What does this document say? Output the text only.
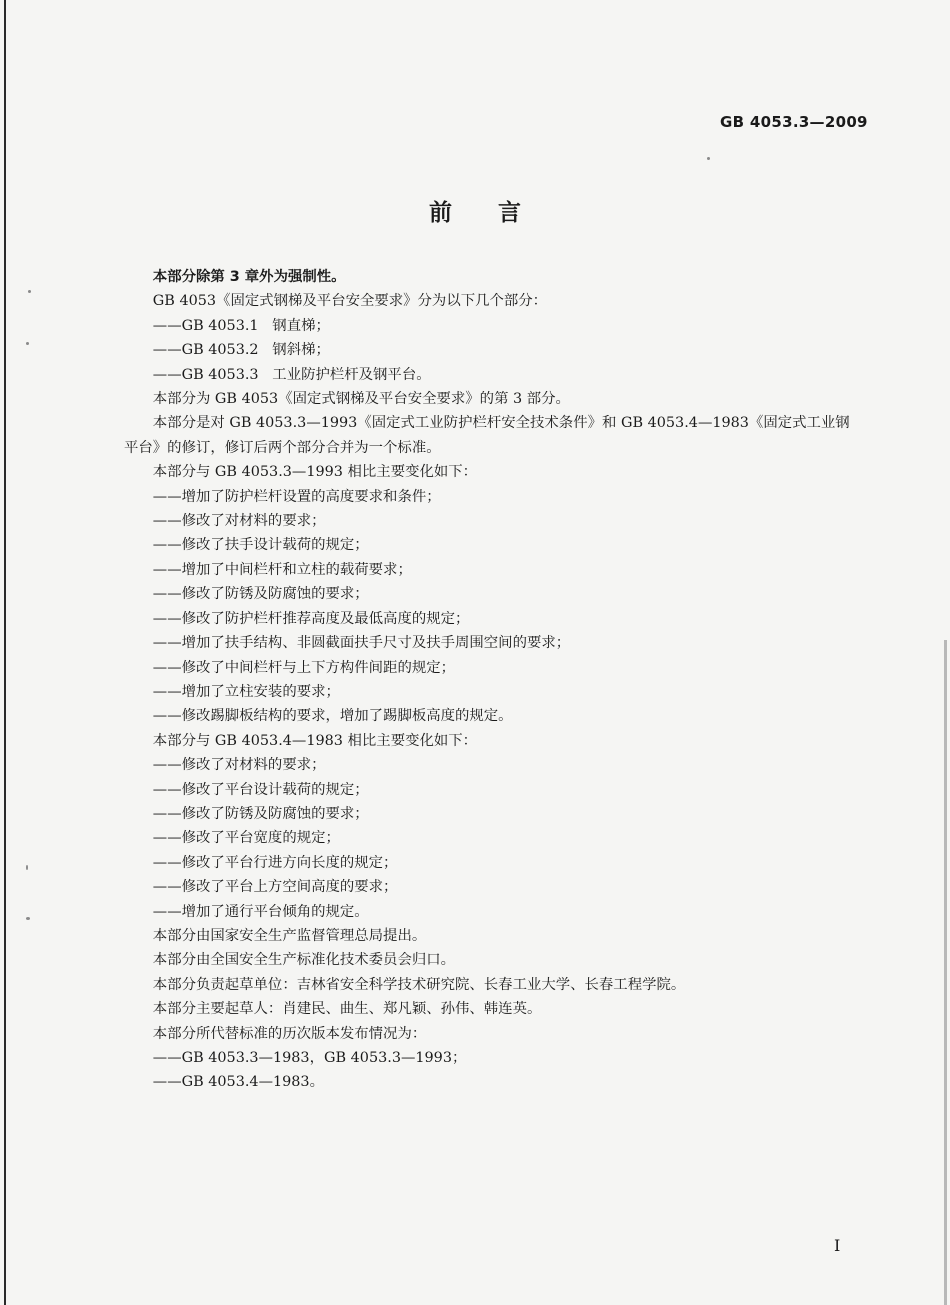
GB 4053.3—2009
前言

本部分除第 3 章外为强制性。

GB 4053《固定式钢梯及平台安全要求》分为以下几个部分：

——GB 4053.1   钢直梯；

——GB 4053.2   钢斜梯；

——GB 4053.3   工业防护栏杆及钢平台。

本部分为 GB 4053《固定式钢梯及平台安全要求》的第 3 部分。

本部分是对 GB 4053.3—1993《固定式工业防护栏杆安全技术条件》和 GB 4053.4—1983《固定式工业钢平台》的修订，修订后两个部分合并为一个标准。

本部分与 GB 4053.3—1993 相比主要变化如下：

——增加了防护栏杆设置的高度要求和条件；

——修改了对材料的要求；

——修改了扶手设计载荷的规定；

——增加了中间栏杆和立柱的载荷要求；

——修改了防锈及防腐蚀的要求；

——修改了防护栏杆推荐高度及最低高度的规定；

——增加了扶手结构、非圆截面扶手尺寸及扶手周围空间的要求；

——修改了中间栏杆与上下方构件间距的规定；

——增加了立柱安装的要求；

——修改踢脚板结构的要求，增加了踢脚板高度的规定。

本部分与 GB 4053.4—1983 相比主要变化如下：

——修改了对材料的要求；

——修改了平台设计载荷的规定；

——修改了防锈及防腐蚀的要求；

——修改了平台宽度的规定；

——修改了平台行进方向长度的规定；

——修改了平台上方空间高度的要求；

——增加了通行平台倾角的规定。

本部分由国家安全生产监督管理总局提出。

本部分由全国安全生产标准化技术委员会归口。

本部分负责起草单位：吉林省安全科学技术研究院、长春工业大学、长春工程学院。

本部分主要起草人：肖建民、曲生、郑凡颖、孙伟、韩连英。

本部分所代替标准的历次版本发布情况为：

——GB 4053.3—1983，GB 4053.3—1993；

——GB 4053.4—1983。

I
